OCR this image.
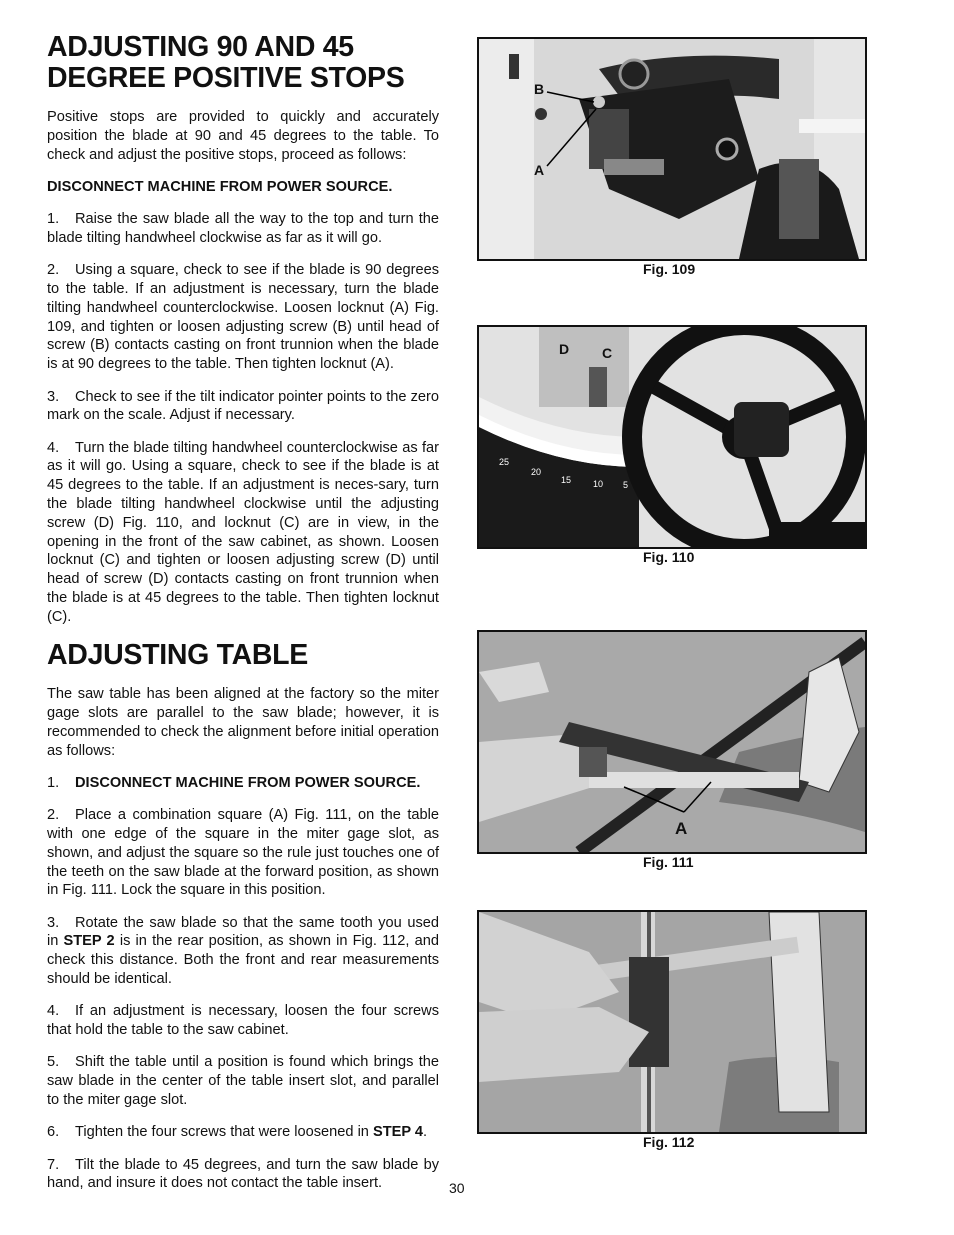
ADJUSTING 90 AND 45
DEGREE POSITIVE STOPS

Positive stops are provided to quickly and accurately position the blade at 90 and 45 degrees to the table. To check and adjust the positive stops, proceed as follows:

DISCONNECT MACHINE FROM POWER SOURCE.

1. Raise the saw blade all the way to the top and turn the blade tilting handwheel clockwise as far as it will go.

2. Using a square, check to see if the blade is 90 degrees to the table. If an adjustment is necessary, turn the blade tilting handwheel counterclockwise. Loosen locknut (A) Fig. 109, and tighten or loosen adjusting screw (B) until head of screw (B) contacts casting on front trunnion when the blade is at 90 degrees to the table. Then tighten locknut (A).

3. Check to see if the tilt indicator pointer points to the zero mark on the scale. Adjust if necessary.

4. Turn the blade tilting handwheel counterclockwise as far as it will go. Using a square, check to see if the blade is at 45 degrees to the table. If an adjustment is neces-sary, turn the blade tilting handwheel clockwise until the adjusting screw (D) Fig. 110, and locknut (C) are in view, in the opening in the front of the saw cabinet, as shown. Loosen locknut (C) and tighten or loosen adjusting screw (D) until head of screw (D) contacts casting on front trunnion when the blade is at 45 degrees to the table. Then tighten locknut (C).

ADJUSTING TABLE

The saw table has been aligned at the factory so the miter gage slots are parallel to the saw blade; however, it is recommended to check the alignment before initial operation as follows:

1. DISCONNECT MACHINE FROM POWER SOURCE.

2. Place a combination square (A) Fig. 111, on the table with one edge of the square in the miter gage slot, as shown, and adjust the square so the rule just touches one of the teeth on the saw blade at the forward position, as shown in Fig. 111. Lock the square in this position.

3. Rotate the saw blade so that the same tooth you used in STEP 2 is in the rear position, as shown in Fig. 112, and check this distance. Both the front and rear measurements should be identical.

4. If an adjustment is necessary, loosen the four screws that hold the table to the saw cabinet.

5. Shift the table until a position is found which brings the saw blade in the center of the table insert slot, and parallel to the miter gage slot.

6. Tighten the four screws that were loosened in STEP 4.

7. Tilt the blade to 45 degrees, and turn the saw blade by hand, and insure it does not contact the table insert.

B
A
Fig. 109
D C
25
20
15 10 5
Fig. 110
A
Fig. 111
Fig. 112
30
